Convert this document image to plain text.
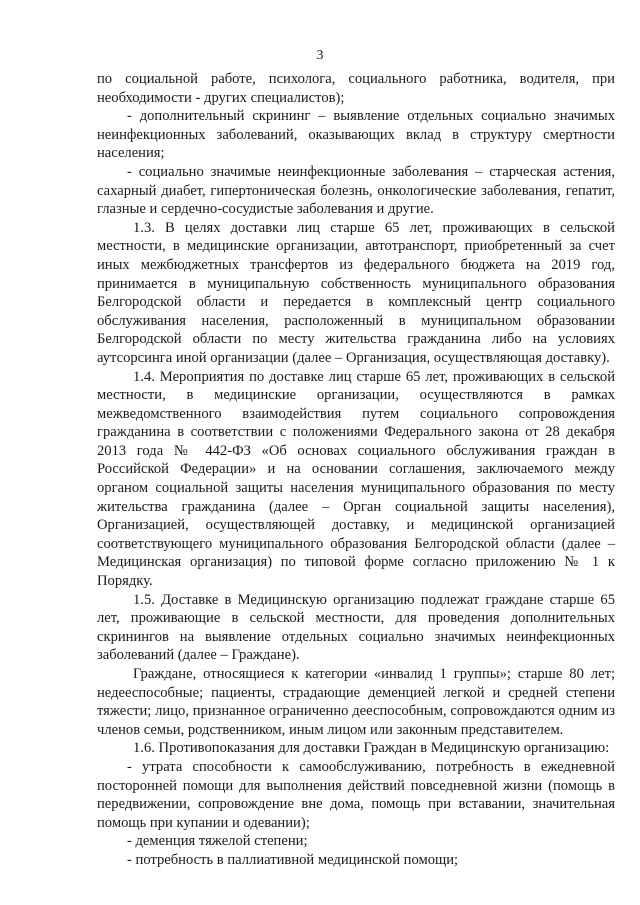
3

по социальной работе, психолога, социального работника, водителя, при необходимости - других специалистов);

- дополнительный скрининг – выявление отдельных социально значимых неинфекционных заболеваний, оказывающих вклад в структуру смертности населения;

- социально значимые неинфекционные заболевания – старческая астения, сахарный диабет, гипертоническая болезнь, онкологические заболевания, гепатит, глазные и сердечно-сосудистые заболевания и другие.

1.3. В целях доставки лиц старше 65 лет, проживающих в сельской местности, в медицинские организации, автотранспорт, приобретенный за счет иных межбюджетных трансфертов из федерального бюджета на 2019 год, принимается в муниципальную собственность муниципального образования Белгородской области и передается в комплексный центр социального обслуживания населения, расположенный в муниципальном образовании Белгородской области по месту жительства гражданина либо на условиях аутсорсинга иной организации (далее – Организация, осуществляющая доставку).

1.4. Мероприятия по доставке лиц старше 65 лет, проживающих в сельской местности, в медицинские организации, осуществляются в рамках межведомственного взаимодействия путем социального сопровождения гражданина в соответствии с положениями Федерального закона от 28 декабря 2013 года № 442-ФЗ «Об основах социального обслуживания граждан в Российской Федерации» и на основании соглашения, заключаемого между органом социальной защиты населения муниципального образования по месту жительства гражданина (далее – Орган социальной защиты населения), Организацией, осуществляющей доставку, и медицинской организацией соответствующего муниципального образования Белгородской области (далее – Медицинская организация) по типовой форме согласно приложению № 1 к Порядку.

1.5. Доставке в Медицинскую организацию подлежат граждане старше 65 лет, проживающие в сельской местности, для проведения дополнительных скринингов на выявление отдельных социально значимых неинфекционных заболеваний (далее – Граждане).

Граждане, относящиеся к категории «инвалид 1 группы»; старше 80 лет; недееспособные; пациенты, страдающие деменцией легкой и средней степени тяжести; лицо, признанное ограниченно дееспособным, сопровождаются одним из членов семьи, родственником, иным лицом или законным представителем.

1.6. Противопоказания для доставки Граждан в Медицинскую организацию:

- утрата способности к самообслуживанию, потребность в ежедневной посторонней помощи для выполнения действий повседневной жизни (помощь в передвижении, сопровождение вне дома, помощь при вставании, значительная помощь при купании и одевании);

- деменция тяжелой степени;

- потребность в паллиативной медицинской помощи;
